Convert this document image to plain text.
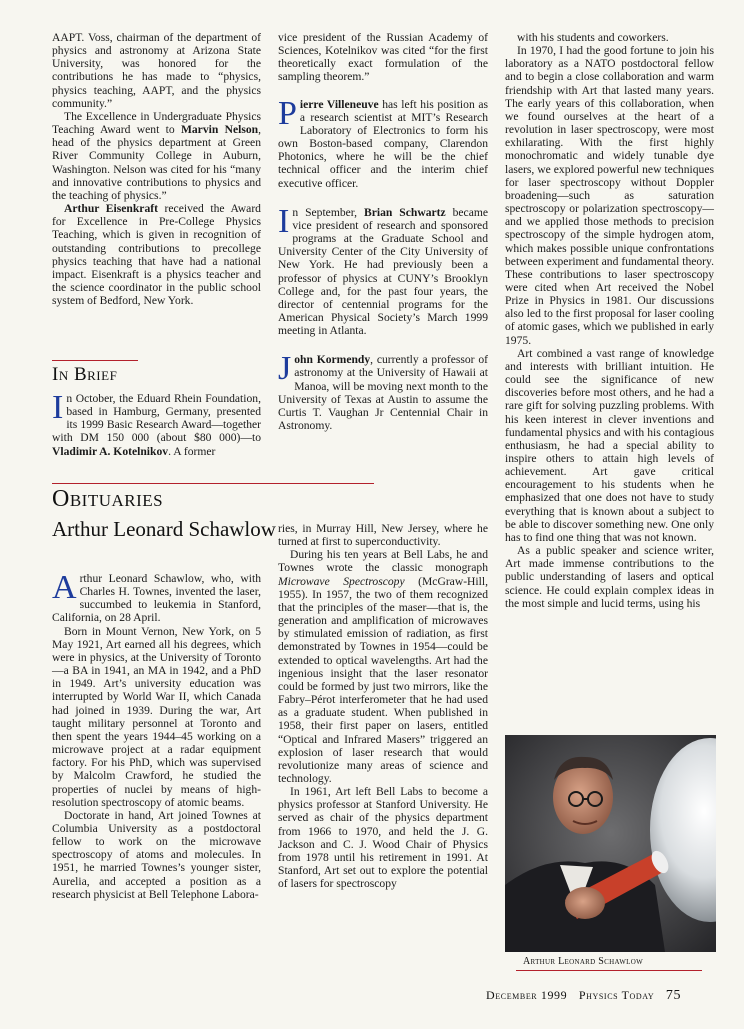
AAPT. Voss, chairman of the department of physics and astronomy at Arizona State University, was honored for the contributions he has made to “physics, physics teaching, AAPT, and the physics community.”

The Excellence in Undergraduate Physics Teaching Award went to Marvin Nelson, head of the physics department at Green River Community College in Auburn, Washington. Nelson was cited for his “many and innovative contributions to physics and the teaching of physics.”

Arthur Eisenkraft received the Award for Excellence in Pre-College Physics Teaching, which is given in recognition of outstanding contributions to precollege physics teaching that have had a national impact. Eisenkraft is a physics teacher and the science coordinator in the public school system of Bedford, New York.

In Brief

In October, the Eduard Rhein Foundation, based in Hamburg, Germany, presented its 1999 Basic Research Award—together with DM 150 000 (about $80 000)—to Vladimir A. Kotelnikov. A former

vice president of the Russian Academy of Sciences, Kotelnikov was cited “for the first theoretically exact formulation of the sampling theorem.”

Pierre Villeneuve has left his position as a research scientist at MIT’s Research Laboratory of Electronics to form his own Boston-based company, Clarendon Photonics, where he will be the chief technical officer and the interim chief executive officer.

In September, Brian Schwartz became vice president of research and sponsored programs at the Graduate School and University Center of the City University of New York. He had previously been a professor of physics at CUNY’s Brooklyn College and, for the past four years, the director of centennial programs for the American Physical Society’s March 1999 meeting in Atlanta.

John Kormendy, currently a professor of astronomy at the University of Hawaii at Manoa, will be moving next month to the University of Texas at Austin to assume the Curtis T. Vaughan Jr Centennial Chair in Astronomy.

with his students and coworkers.

In 1970, I had the good fortune to join his laboratory as a NATO postdoctoral fellow and to begin a close collaboration and warm friendship with Art that lasted many years. The early years of this collaboration, when we found ourselves at the heart of a revolution in laser spectroscopy, were most exhilarating. With the first highly monochromatic and widely tunable dye lasers, we explored powerful new techniques for laser spectroscopy without Doppler broadening—such as saturation spectroscopy or polarization spectroscopy—and we applied those methods to precision spectroscopy of the simple hydrogen atom, which makes possible unique confrontations between experiment and fundamental theory. These contributions to laser spectroscopy were cited when Art received the Nobel Prize in Physics in 1981. Our discussions also led to the first proposal for laser cooling of atomic gases, which we published in early 1975.

Art combined a vast range of knowledge and interests with brilliant intuition. He could see the significance of new discoveries before most others, and he had a rare gift for solving puzzling problems. With his keen interest in clever inventions and fundamental physics and with his contagious enthusiasm, he had a special ability to inspire others to attain high levels of achievement. Art gave critical encouragement to his students when he emphasized that one does not have to study everything that is known about a subject to be able to discover something new. One only has to find one thing that was not known.

As a public speaker and science writer, Art made immense contributions to the public understanding of lasers and optical science. He could explain complex ideas in the most simple and lucid terms, using his

Obituaries
Arthur Leonard Schawlow

Arthur Leonard Schawlow, who, with Charles H. Townes, invented the laser, succumbed to leukemia in Stanford, California, on 28 April.

Born in Mount Vernon, New York, on 5 May 1921, Art earned all his degrees, which were in physics, at the University of Toronto—a BA in 1941, an MA in 1942, and a PhD in 1949. Art’s university education was interrupted by World War II, which Canada had joined in 1939. During the war, Art taught military personnel at Toronto and then spent the years 1944–45 working on a microwave project at a radar equipment factory. For his PhD, which was supervised by Malcolm Crawford, he studied the properties of nuclei by means of high-resolution spectroscopy of atomic beams.

Doctorate in hand, Art joined Townes at Columbia University as a postdoctoral fellow to work on the microwave spectroscopy of atoms and molecules. In 1951, he married Townes’s younger sister, Aurelia, and accepted a position as a research physicist at Bell Telephone Labora-

ries, in Murray Hill, New Jersey, where he turned at first to superconductivity.

During his ten years at Bell Labs, he and Townes wrote the classic monograph Microwave Spectroscopy (McGraw-Hill, 1955). In 1957, the two of them recognized that the principles of the maser—that is, the generation and amplification of microwaves by stimulated emission of radiation, as first demonstrated by Townes in 1954—could be extended to optical wavelengths. Art had the ingenious insight that the laser resonator could be formed by just two mirrors, like the Fabry–Pérot interferometer that he had used as a graduate student. When published in 1958, their first paper on lasers, entitled “Optical and Infrared Masers” triggered an explosion of laser research that would revolutionize many areas of science and technology.

In 1961, Art left Bell Labs to become a physics professor at Stanford University. He served as chair of the physics department from 1966 to 1970, and held the J. G. Jackson and C. J. Wood Chair of Physics from 1978 until his retirement in 1991. At Stanford, Art set out to explore the potential of lasers for spectroscopy

Arthur Leonard Schawlow
December 1999 Physics Today 75
